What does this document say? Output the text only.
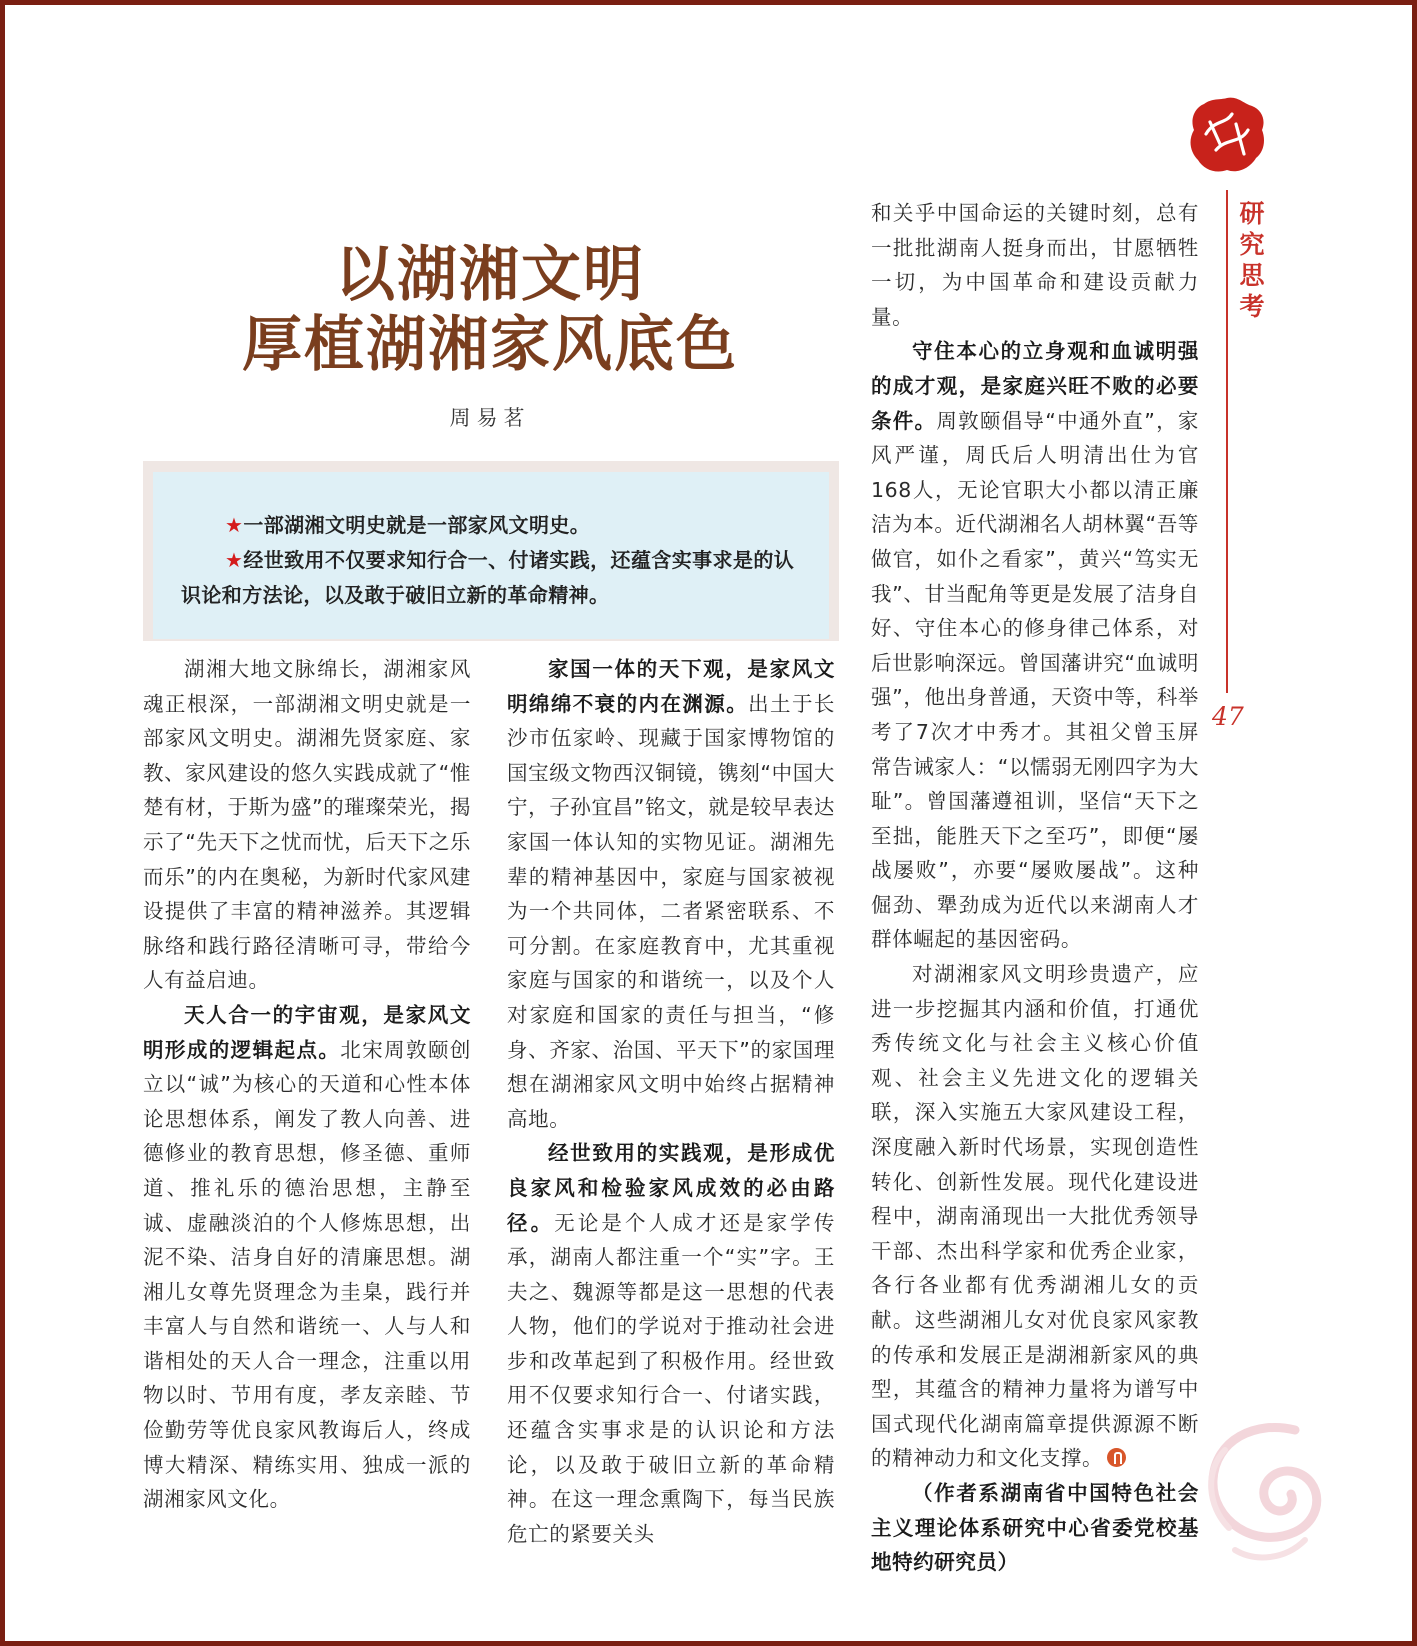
以湖湘文明
厚植湖湘家风底色
周易茗

★一部湖湘文明史就是一部家风文明史。

★经世致用不仅要求知行合一、付诸实践，还蕴含实事求是的认识论和方法论，以及敢于破旧立新的革命精神。

湖湘大地文脉绵长，湖湘家风魂正根深，一部湖湘文明史就是一部家风文明史。湖湘先贤家庭、家教、家风建设的悠久实践成就了“惟楚有材，于斯为盛”的璀璨荣光，揭示了“先天下之忧而忧，后天下之乐而乐”的内在奥秘，为新时代家风建设提供了丰富的精神滋养。其逻辑脉络和践行路径清晰可寻，带给今人有益启迪。

天人合一的宇宙观，是家风文明形成的逻辑起点。北宋周敦颐创立以“诚”为核心的天道和心性本体论思想体系，阐发了教人向善、进德修业的教育思想，修圣德、重师道、推礼乐的德治思想，主静至诚、虚融淡泊的个人修炼思想，出泥不染、洁身自好的清廉思想。湖湘儿女尊先贤理念为圭臬，践行并丰富人与自然和谐统一、人与人和谐相处的天人合一理念，注重以用物以时、节用有度，孝友亲睦、节俭勤劳等优良家风教诲后人，终成博大精深、精练实用、独成一派的湖湘家风文化。

家国一体的天下观，是家风文明绵绵不衰的内在渊源。出土于长沙市伍家岭、现藏于国家博物馆的国宝级文物西汉铜镜，镌刻“中国大宁，子孙宜昌”铭文，就是较早表达家国一体认知的实物见证。湖湘先辈的精神基因中，家庭与国家被视为一个共同体，二者紧密联系、不可分割。在家庭教育中，尤其重视家庭与国家的和谐统一，以及个人对家庭和国家的责任与担当，“修身、齐家、治国、平天下”的家国理想在湖湘家风文明中始终占据精神高地。

经世致用的实践观，是形成优良家风和检验家风成效的必由路径。无论是个人成才还是家学传承，湖南人都注重一个“实”字。王夫之、魏源等都是这一思想的代表人物，他们的学说对于推动社会进步和改革起到了积极作用。经世致用不仅要求知行合一、付诸实践，还蕴含实事求是的认识论和方法论，以及敢于破旧立新的革命精神。在这一理念熏陶下，每当民族危亡的紧要关头

和关乎中国命运的关键时刻，总有一批批湖南人挺身而出，甘愿牺牲一切，为中国革命和建设贡献力量。

守住本心的立身观和血诚明强的成才观，是家庭兴旺不败的必要条件。周敦颐倡导“中通外直”，家风严谨，周氏后人明清出仕为官168人，无论官职大小都以清正廉洁为本。近代湖湘名人胡林翼“吾等做官，如仆之看家”，黄兴“笃实无我”、甘当配角等更是发展了洁身自好、守住本心的修身律己体系，对后世影响深远。曾国藩讲究“血诚明强”，他出身普通，天资中等，科举考了7次才中秀才。其祖父曾玉屏常告诫家人：“以懦弱无刚四字为大耻”。曾国藩遵祖训，坚信“天下之至拙，能胜天下之至巧”，即便“屡战屡败”，亦要“屡败屡战”。这种倔劲、犟劲成为近代以来湖南人才群体崛起的基因密码。

对湖湘家风文明珍贵遗产，应进一步挖掘其内涵和价值，打通优秀传统文化与社会主义核心价值观、社会主义先进文化的逻辑关联，深入实施五大家风建设工程，深度融入新时代场景，实现创造性转化、创新性发展。现代化建设进程中，湖南涌现出一大批优秀领导干部、杰出科学家和优秀企业家，各行各业都有优秀湖湘儿女的贡献。这些湖湘儿女对优良家风家教的传承和发展正是湖湘新家风的典型，其蕴含的精神力量将为谱写中国式现代化湖南篇章提供源源不断的精神动力和文化支撑。

（作者系湖南省中国特色社会主义理论体系研究中心省委党校基地特约研究员）

研
究
思
考
47
